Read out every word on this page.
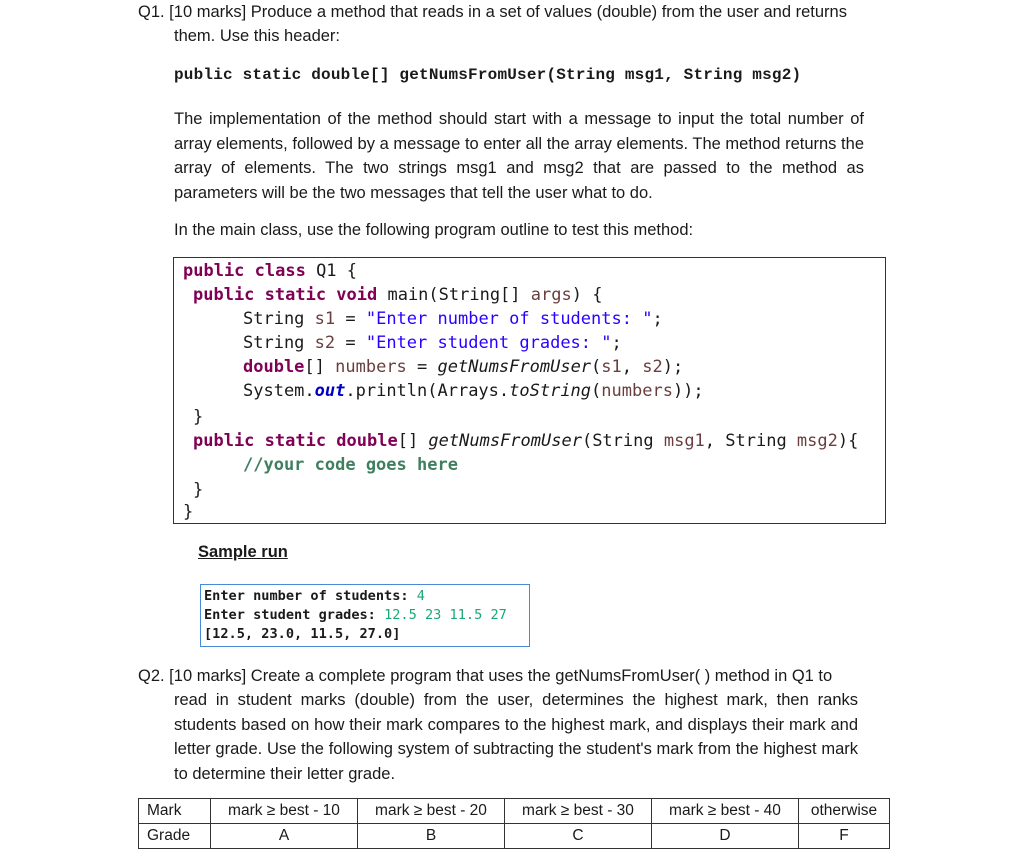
Q1. [10 marks] Produce a method that reads in a set of values (double) from the user and returns
them. Use this header:
public static double[] getNumsFromUser(String msg1, String msg2)
The implementation of the method should start with a message to input the total number of array elements, followed by a message to enter all the array elements. The method returns the array of elements. The two strings msg1 and msg2 that are passed to the method as parameters will be the two messages that tell the user what to do.
In the main class, use the following program outline to test this method:
public class Q1 {
public static void main(String[] args) {
String s1 = "Enter number of students: ";
String s2 = "Enter student grades: ";
double[] numbers = getNumsFromUser(s1, s2);
System.out.println(Arrays.toString(numbers));
}
public static double[] getNumsFromUser(String msg1, String msg2){
//your code goes here
}
}
Sample run
Enter number of students: 4
Enter student grades: 12.5 23 11.5 27
[12.5, 23.0, 11.5, 27.0]
Q2. [10 marks] Create a complete program that uses the getNumsFromUser( ) method in Q1 to
read in student marks (double) from the user, determines the highest mark, then ranks students based on how their mark compares to the highest mark, and displays their mark and letter grade. Use the following system of subtracting the student's mark from the highest mark to determine their letter grade.
Mark	mark ≥ best - 10	mark ≥ best - 20	mark ≥ best - 30	mark ≥ best - 40	otherwise
Grade	A	B	C	D	F
